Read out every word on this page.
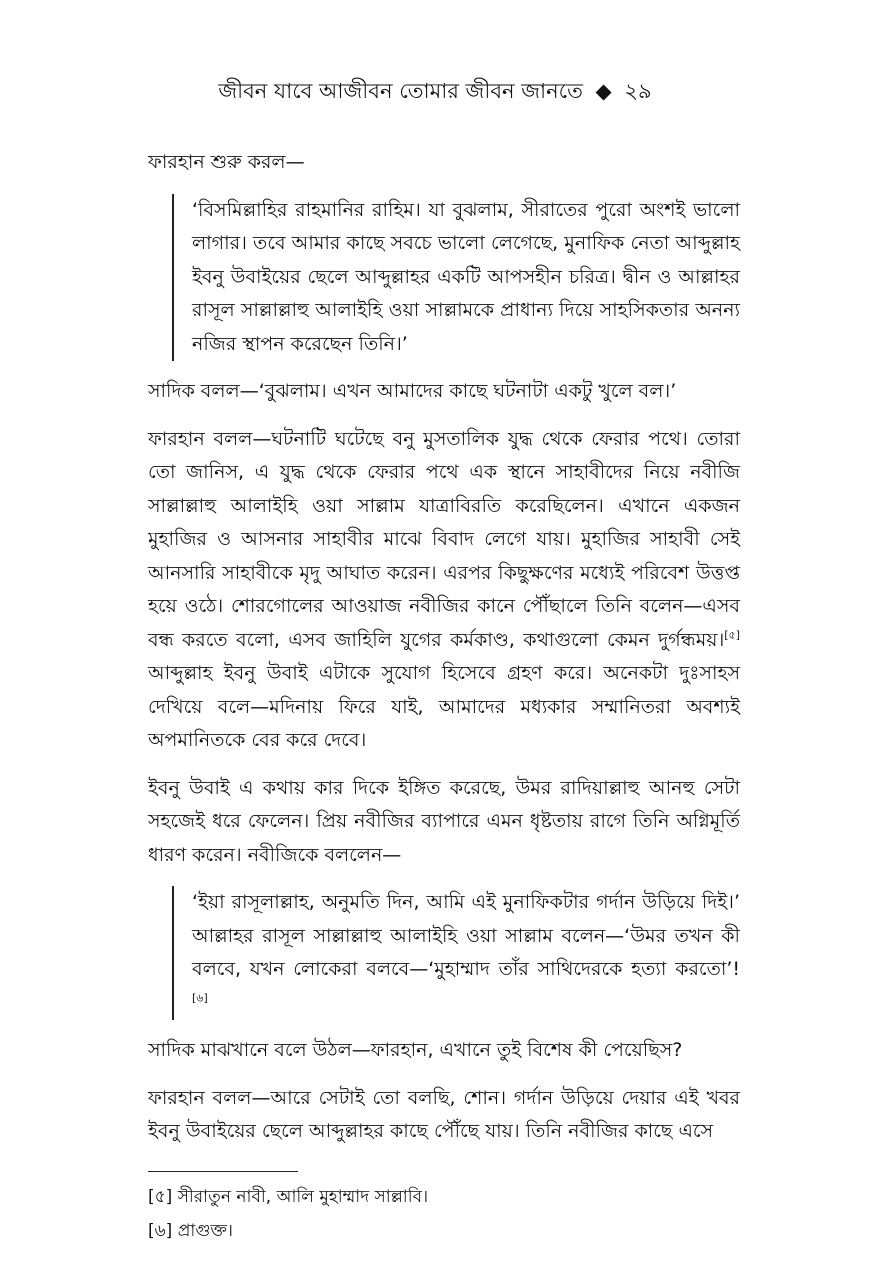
জীবন যাবে আজীবন তোমার জীবন জানতে ◆ ২৯

ফারহান শুরু করল—

‘বিসমিল্লাহির রাহমানির রাহিম। যা বুঝলাম, সীরাতের পুরো অংশই ভালো লাগার। তবে আমার কাছে সবচে ভালো লেগেছে, মুনাফিক নেতা আব্দুল্লাহ ইবনু উবাইয়ের ছেলে আব্দুল্লাহর একটি আপসহীন চরিত্র। দ্বীন ও আল্লাহর রাসূল সাল্লাল্লাহু আলাইহি ওয়া সাল্লামকে প্রাধান্য দিয়ে সাহসিকতার অনন্য নজির স্থাপন করেছেন তিনি।’

সাদিক বলল—‘বুঝলাম। এখন আমাদের কাছে ঘটনাটা একটু খুলে বল।’

ফারহান বলল—ঘটনাটি ঘটেছে বনু মুসতালিক যুদ্ধ থেকে ফেরার পথে। তোরা তো জানিস, এ যুদ্ধ থেকে ফেরার পথে এক স্থানে সাহাবীদের নিয়ে নবীজি সাল্লাল্লাহু আলাইহি ওয়া সাল্লাম যাত্রাবিরতি করেছিলেন। এখানে একজন মুহাজির ও আসনার সাহাবীর মাঝে বিবাদ লেগে যায়। মুহাজির সাহাবী সেই আনসারি সাহাবীকে মৃদু আঘাত করেন। এরপর কিছুক্ষণের মধ্যেই পরিবেশ উত্তপ্ত হয়ে ওঠে। শোরগোলের আওয়াজ নবীজির কানে পৌঁছালে তিনি বলেন—এসব বন্ধ করতে বলো, এসব জাহিলি যুগের কর্মকাণ্ড, কথাগুলো কেমন দুর্গন্ধময়।[৫] আব্দুল্লাহ ইবনু উবাই এটাকে সুযোগ হিসেবে গ্রহণ করে। অনেকটা দুঃসাহস দেখিয়ে বলে—মদিনায় ফিরে যাই, আমাদের মধ্যকার সম্মানিতরা অবশ্যই অপমানিতকে বের করে দেবে।

ইবনু উবাই এ কথায় কার দিকে ইঙ্গিত করেছে, উমর রাদিয়াল্লাহু আনহু সেটা সহজেই ধরে ফেলেন। প্রিয় নবীজির ব্যাপারে এমন ধৃষ্টতায় রাগে তিনি অগ্নিমূর্তি ধারণ করেন। নবীজিকে বললেন—

‘ইয়া রাসূলাল্লাহ, অনুমতি দিন, আমি এই মুনাফিকটার গর্দান উড়িয়ে দিই।’ আল্লাহর রাসূল সাল্লাল্লাহু আলাইহি ওয়া সাল্লাম বলেন—‘উমর তখন কী বলবে, যখন লোকেরা বলবে—‘মুহাম্মাদ তাঁর সাথিদেরকে হত্যা করতো’! [৬]

সাদিক মাঝখানে বলে উঠল—ফারহান, এখানে তুই বিশেষ কী পেয়েছিস?

ফারহান বলল—আরে সেটাই তো বলছি, শোন। গর্দান উড়িয়ে দেয়ার এই খবর ইবনু উবাইয়ের ছেলে আব্দুল্লাহর কাছে পৌঁছে যায়। তিনি নবীজির কাছে এসে

[৫] সীরাতুন নাবী, আলি মুহাম্মাদ সাল্লাবি।
[৬] প্রাগুক্ত।
